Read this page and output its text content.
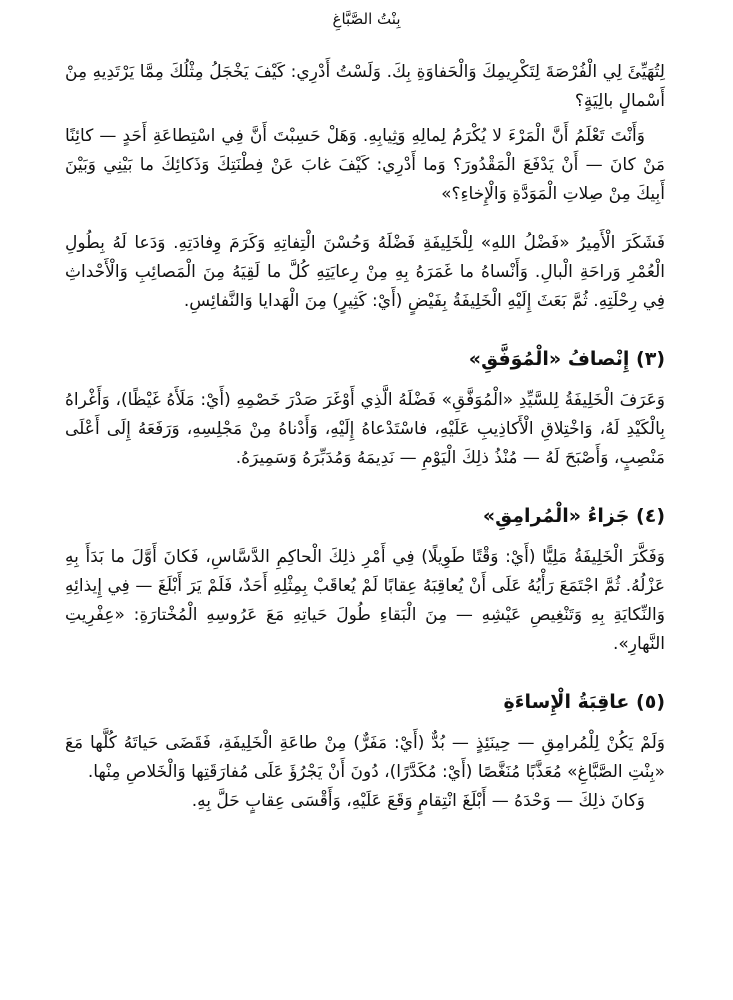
بِنْتُ الصَّبَّاغِ

لِتُهَيِّئَ لِي الْفُرْصَةَ لِتَكْرِيمِكَ وَالْحَفاوَةِ بِكَ. وَلَسْتُ أَدْرِي: كَيْفَ يَخْجَلُ مِثْلُكَ مِمَّا يَرْتَدِيهِ مِنْ أَسْمالٍ بالِيَةٍ؟

وَأَنْتَ تَعْلَمُ أَنَّ الْمَرْءَ لا يُكْرَمُ لِمالِهِ وَثِيابِهِ. وَهَلْ حَسِبْتَ أَنَّ فِي اسْتِطاعَةِ أَحَدٍ — كائِنًا مَنْ كانَ — أَنْ يَدْفَعَ الْمَقْدُورَ؟ وَما أَدْرِي: كَيْفَ غابَ عَنْ فِطْنَتِكَ وَذَكائِكَ ما بَيْنِي وَبَيْنَ أَبِيكَ مِنْ صِلاتِ الْمَوَدَّةِ وَالْإِخاءِ؟»

فَشَكَرَ الْأَمِيرُ «فَضْلُ اللهِ» لِلْخَلِيفَةِ فَضْلَهُ وَحُسْنَ الْتِفاتِهِ وَكَرَمَ وِفادَتِهِ. وَدَعا لَهُ بِطُولِ الْعُمْرِ وَراحَةِ الْبالِ. وَأَنْساهُ ما غَمَرَهُ بِهِ مِنْ رِعايَتِهِ كُلَّ ما لَقِيَهُ مِنَ الْمَصائِبِ وَالْأَحْداثِ فِي رِحْلَتِهِ. ثُمَّ بَعَثَ إِلَيْهِ الْخَلِيفَةُ بِفَيْضٍ (أَيْ: كَثِيرٍ) مِنَ الْهَدايا وَالنَّفائِسِ.

(٣) إِنْصافُ «الْمُوَفَّقِ»

وَعَرَفَ الْخَلِيفَةُ لِلسَّيِّدِ «الْمُوَفَّقِ» فَضْلَهُ الَّذِي أَوْغَرَ صَدْرَ خَصْمِهِ (أَيْ: مَلَأَهُ غَيْظًا)، وَأَغْراهُ بِالْكَيْدِ لَهُ، وَاخْتِلاقِ الْأَكاذِيبِ عَلَيْهِ، فاسْتَدْعاهُ إِلَيْهِ، وَأَدْناهُ مِنْ مَجْلِسِهِ، وَرَفَعَهُ إِلَى أَعْلَى مَنْصِبٍ، وَأَصْبَحَ لَهُ — مُنْذُ ذلِكَ الْيَوْمِ — نَدِيمَهُ وَمُدَبِّرَهُ وَسَمِيرَهُ.

(٤) جَزاءُ «الْمُرامِقِ»

وَفَكَّرَ الْخَلِيفَةُ مَلِيًّا (أَيْ: وَقْتًا طَوِيلًا) فِي أَمْرِ ذلِكَ الْحاكِمِ الدَّسَّاسِ، فَكانَ أَوَّلَ ما بَدَأَ بِهِ عَزْلُهُ. ثُمَّ اجْتَمَعَ رَأْيُهُ عَلَى أَنْ يُعاقِبَهُ عِقابًا لَمْ يُعاقَبْ بِمِثْلِهِ أَحَدٌ، فَلَمْ يَرَ أَبْلَغَ — فِي إِيذائِهِ وَالنِّكايَةِ بِهِ وَتَنْغِيصِ عَيْشِهِ — مِنَ الْبَقاءِ طُولَ حَياتِهِ مَعَ عَرُوسِهِ الْمُخْتارَةِ: «عِفْرِيتِ النَّهارِ».

(٥) عاقِبَةُ الْإِساءَةِ

وَلَمْ يَكُنْ لِلْمُرامِقِ — حِينَئِذٍ — بُدٌّ (أَيْ: مَفَرٌّ) مِنْ طاعَةِ الْخَلِيفَةِ، فَقَضَى حَياتَهُ كُلَّها مَعَ «بِنْتِ الصَّبَّاغِ» مُعَذَّبًا مُنَغَّصًا (أَيْ: مُكَدَّرًا)، دُونَ أَنْ يَجْرُؤَ عَلَى مُفارَقَتِها وَالْخَلاصِ مِنْها.

وَكانَ ذلِكَ — وَحْدَهُ — أَبْلَغَ انْتِقامٍ وَقَعَ عَلَيْهِ، وَأَقْسَى عِقابٍ حَلَّ بِهِ.
